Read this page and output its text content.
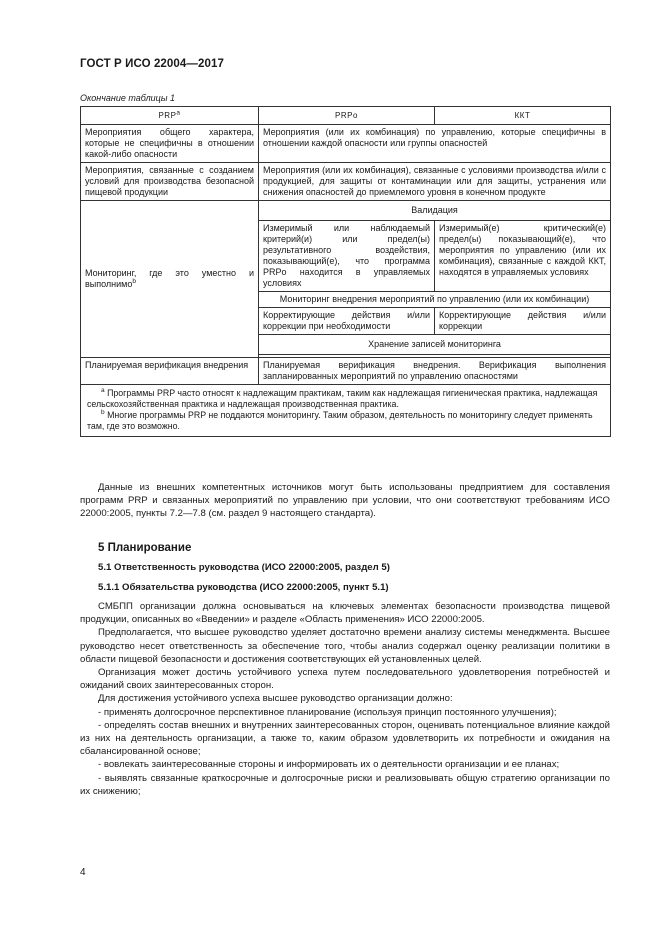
ГОСТ Р ИСО 22004—2017
Окончание таблицы 1
PRP$^a$	PRPo	ККТ
Мероприятия общего характера, которые не специфичны в отношении какой-либо опасности	Мероприятия (или их комбинация) по управлению, которые специфичны в отношении каждой опасности или группы опасностей	
Мероприятия, связанные с созданием условий для производства безопасной пищевой продукции	Мероприятия (или их комбинация), связанные с условиями производства и/или с продукцией, для защиты от контаминации или для защиты, устранения или снижения опасностей до приемлемого уровня в конечном продукте	
Мониторинг, где это уместно и выполнимо$^b$	Валидация	
	Измеримый или наблюдаемый критерий(и) или предел(ы) результативного воздействия, показывающий(е), что программа PRPo находится в управляемых условиях	Измеримый(е) критический(е) предел(ы) показывающий(е), что мероприятия по управлению (или их комбинация), связанные с каждой ККТ, находятся в управляемых условиях
	Мониторинг внедрения мероприятий по управлению (или их комбинации)	
	Корректирующие действия и/или коррекции при необходимости	Корректирующие действия и/или коррекции
	Хранение записей мониторинга	

Планируемая верификация внедрения	Планируемая верификация внедрения. Верификация выполнения запланированных мероприятий по управлению опасностями	

$^a$ Программы PRP часто относят к надлежащим практикам, таким как надлежащая гигиеническая практика, надлежащая сельскохозяйственная практика и надлежащая производственная практика.
$^b$ Многие программы PRP не поддаются мониторингу. Таким образом, деятельность по мониторингу следует применять там, где это возможно.		

Данные из внешних компетентных источников могут быть использованы предприятием для составления программ PRP и связанных мероприятий по управлению при условии, что они соответствуют требованиям ИСО 22000:2005, пункты 7.2—7.8 (см. раздел 9 настоящего стандарта).

5 Планирование
5.1 Ответственность руководства (ИСО 22000:2005, раздел 5)
5.1.1 Обязательства руководства (ИСО 22000:2005, пункт 5.1)

СМБПП организации должна основываться на ключевых элементах безопасности производства пищевой продукции, описанных во «Введении» и разделе «Область применения» ИСО 22000:2005.

Предполагается, что высшее руководство уделяет достаточно времени анализу системы менеджмента. Высшее руководство несет ответственность за обеспечение того, чтобы анализ содержал оценку реализации политики в области пищевой безопасности и достижения соответствующих ей установленных целей.

Организация может достичь устойчивого успеха путем последовательного удовлетворения потребностей и ожиданий своих заинтересованных сторон.

Для достижения устойчивого успеха высшее руководство организации должно:

- применять долгосрочное перспективное планирование (используя принцип постоянного улучшения);

- определять состав внешних и внутренних заинтересованных сторон, оценивать потенциальное влияние каждой из них на деятельность организации, а также то, каким образом удовлетворить их потребности и ожидания на сбалансированной основе;

- вовлекать заинтересованные стороны и информировать их о деятельности организации и ее планах;

- выявлять связанные краткосрочные и долгосрочные риски и реализовывать общую стратегию организации по их снижению;

4
